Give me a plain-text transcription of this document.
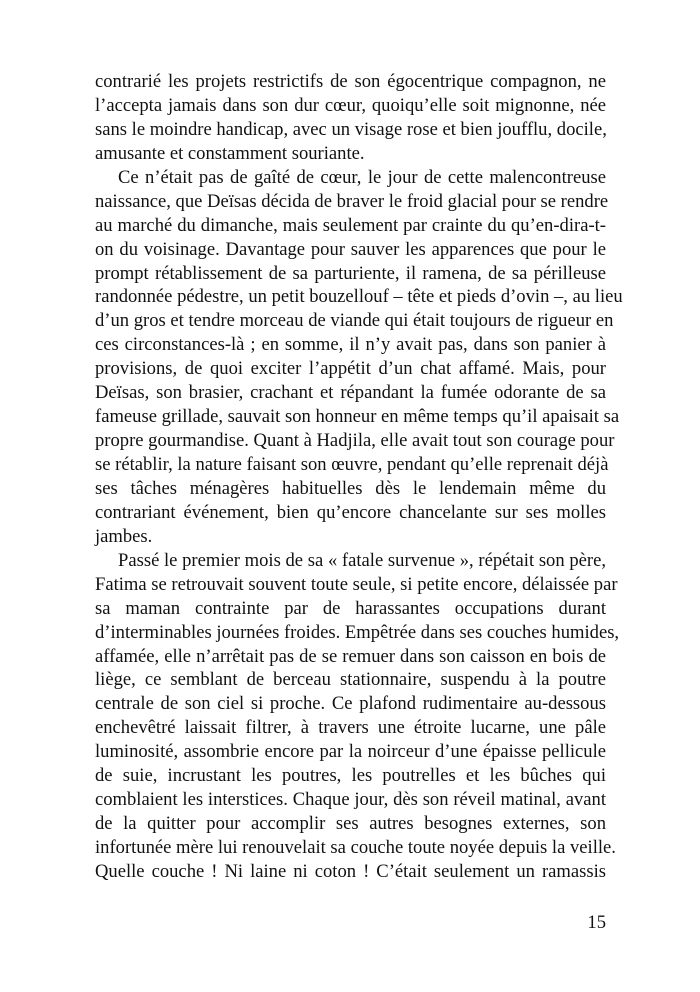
contrarié les projets restrictifs de son égocentrique compagnon, ne
l’accepta jamais dans son dur cœur, quoiqu’elle soit mignonne, née
sans le moindre handicap, avec un visage rose et bien joufflu, docile,
amusante et constamment souriante.
Ce n’était pas de gaîté de cœur, le jour de cette malencontreuse
naissance, que Deïsas décida de braver le froid glacial pour se rendre
au marché du dimanche, mais seulement par crainte du qu’en-dira-t-
on du voisinage. Davantage pour sauver les apparences que pour le
prompt rétablissement de sa parturiente, il ramena, de sa périlleuse
randonnée pédestre, un petit bouzellouf – tête et pieds d’ovin –, au lieu
d’un gros et tendre morceau de viande qui était toujours de rigueur en
ces circonstances-là ; en somme, il n’y avait pas, dans son panier à
provisions, de quoi exciter l’appétit d’un chat affamé. Mais, pour
Deïsas, son brasier, crachant et répandant la fumée odorante de sa
fameuse grillade, sauvait son honneur en même temps qu’il apaisait sa
propre gourmandise. Quant à Hadjila, elle avait tout son courage pour
se rétablir, la nature faisant son œuvre, pendant qu’elle reprenait déjà
ses tâches ménagères habituelles dès le lendemain même du
contrariant événement, bien qu’encore chancelante sur ses molles
jambes.
Passé le premier mois de sa « fatale survenue », répétait son père,
Fatima se retrouvait souvent toute seule, si petite encore, délaissée par
sa maman contrainte par de harassantes occupations durant
d’interminables journées froides. Empêtrée dans ses couches humides,
affamée, elle n’arrêtait pas de se remuer dans son caisson en bois de
liège, ce semblant de berceau stationnaire, suspendu à la poutre
centrale de son ciel si proche. Ce plafond rudimentaire au-dessous
enchevêtré laissait filtrer, à travers une étroite lucarne, une pâle
luminosité, assombrie encore par la noirceur d’une épaisse pellicule
de suie, incrustant les poutres, les poutrelles et les bûches qui
comblaient les interstices. Chaque jour, dès son réveil matinal, avant
de la quitter pour accomplir ses autres besognes externes, son
infortunée mère lui renouvelait sa couche toute noyée depuis la veille.
Quelle couche ! Ni laine ni coton ! C’était seulement un ramassis
15
